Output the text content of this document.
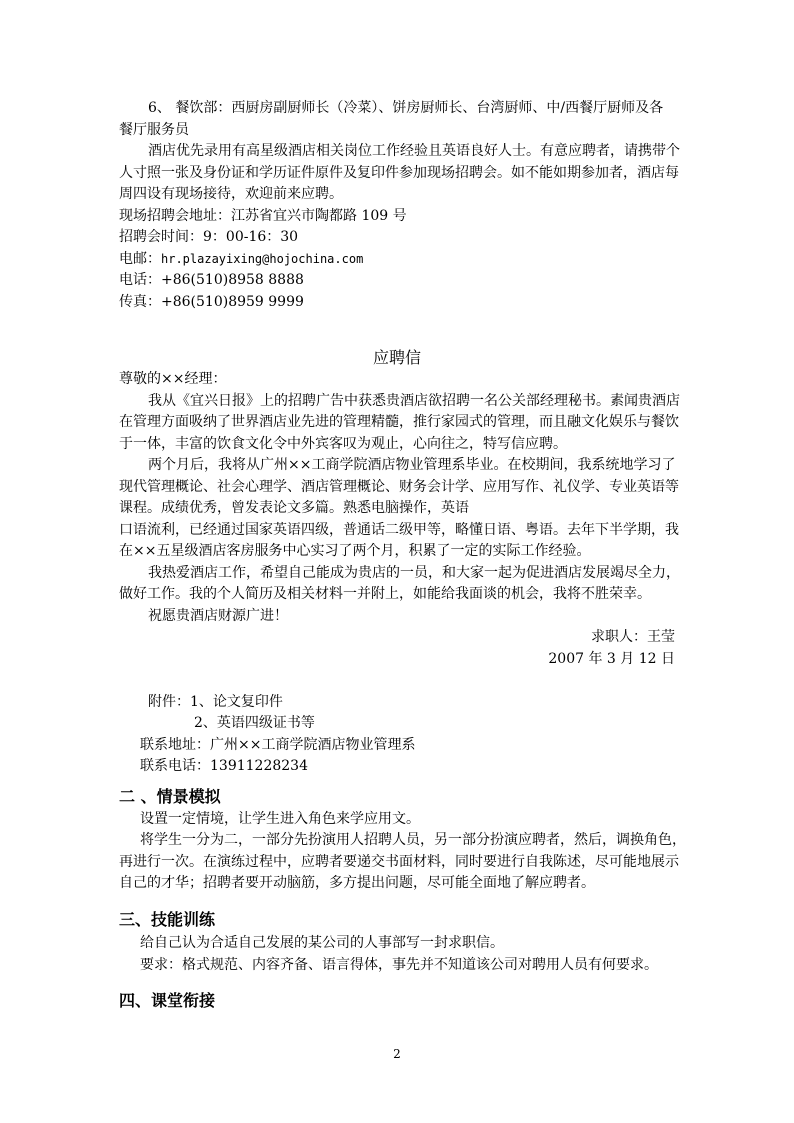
6、 餐饮部：西厨房副厨师长（冷菜）、饼房厨师长、台湾厨师、中/西餐厅厨师及各
餐厅服务员
酒店优先录用有高星级酒店相关岗位工作经验且英语良好人士。有意应聘者，请携带个
人寸照一张及身份证和学历证件原件及复印件参加现场招聘会。如不能如期参加者，酒店每
周四设有现场接待，欢迎前来应聘。
现场招聘会地址：江苏省宜兴市陶都路 109 号
招聘会时间：9：00-16：30
电邮：hr.plazayixing@hojochina.com
电话：+86(510)8958 8888
传真：+86(510)8959 9999
应聘信
尊敬的××经理：
我从《宜兴日报》上的招聘广告中获悉贵酒店欲招聘一名公关部经理秘书。素闻贵酒店
在管理方面吸纳了世界酒店业先进的管理精髓，推行家园式的管理，而且融文化娱乐与餐饮
于一体，丰富的饮食文化令中外宾客叹为观止，心向往之，特写信应聘。
两个月后，我将从广州××工商学院酒店物业管理系毕业。在校期间，我系统地学习了
现代管理概论、社会心理学、酒店管理概论、财务会计学、应用写作、礼仪学、专业英语等
课程。成绩优秀，曾发表论文多篇。熟悉电脑操作，英语
口语流利，已经通过国家英语四级，普通话二级甲等，略懂日语、粤语。去年下半学期，我
在××五星级酒店客房服务中心实习了两个月，积累了一定的实际工作经验。
我热爱酒店工作，希望自己能成为贵店的一员，和大家一起为促进酒店发展竭尽全力，
做好工作。我的个人简历及相关材料一并附上，如能给我面谈的机会，我将不胜荣幸。
祝愿贵酒店财源广进！
求职人：王莹
2007 年 3 月 12 日
附件：1、论文复印件
2、英语四级证书等
联系地址：广州××工商学院酒店物业管理系
联系电话：13911228234
二 、情景模拟
设置一定情境，让学生进入角色来学应用文。
将学生一分为二，一部分先扮演用人招聘人员，另一部分扮演应聘者，然后，调换角色，
再进行一次。在演练过程中，应聘者要递交书面材料，同时要进行自我陈述，尽可能地展示
自己的才华；招聘者要开动脑筋，多方提出问题，尽可能全面地了解应聘者。
三、技能训练
给自己认为合适自己发展的某公司的人事部写一封求职信。
要求：格式规范、内容齐备、语言得体，事先并不知道该公司对聘用人员有何要求。
四、课堂衔接
2
